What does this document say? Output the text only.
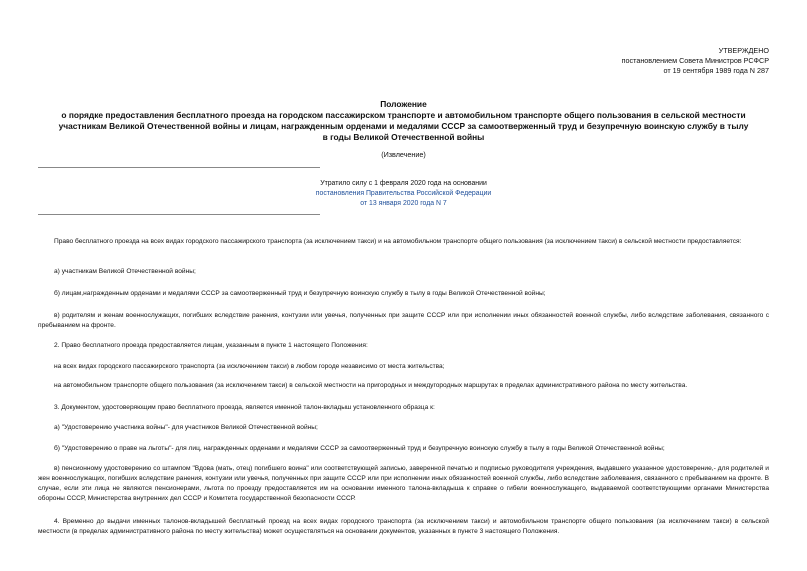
УТВЕРЖДЕНО
постановлением Совета Министров РСФСР
от 19 сентября 1989 года N 287
Положение
о порядке предоставления бесплатного проезда на городском пассажирском транспорте и автомобильном транспорте общего пользования в сельской местности
участникам Великой Отечественной войны и лицам, награжденным орденами и медалями СССР за самоотверженный труд и безупречную воинскую службу в тылу
в годы Великой Отечественной войны
(Извлечение)
Утратило силу с 1 февраля 2020 года на основании
постановления Правительства Российской Федерации
от 13 января 2020 года N 7
Право бесплатного проезда на всех видах городского пассажирского транспорта (за исключением такси) и на автомобильном транспорте общего пользования (за исключением такси) в сельской местности предоставляется:
а) участникам Великой Отечественной войны;
б) лицам,награжденным орденами и медалями СССР за самоотверженный труд и безупречную воинскую службу в тылу в годы Великой Отечественной войны;
в) родителям и женам военнослужащих, погибших вследствие ранения, контузии или увечья, полученных при защите СССР или при исполнении иных обязанностей военной службы, либо вследствие заболевания, связанного с пребыванием на фронте.
2. Право бесплатного проезда предоставляется лицам, указанным в пункте 1 настоящего Положения:
на всех видах городского пассажирского транспорта (за исключением такси) в любом городе независимо от места жительства;
на автомобильном транспорте общего пользования (за исключением такси) в сельской местности на пригородных и междугородных маршрутах в пределах административного района по месту жительства.
3. Документом, удостоверяющим право бесплатного проезда, является именной талон-вкладыш установленного образца к:
а) "Удостоверению участника войны"- для участников Великой Отечественной войны;
б) "Удостоверению о праве на льготы"- для лиц, награжденных орденами и медалями СССР за самоотверженный труд и безупречную воинскую службу в тылу в годы Великой Отечественной войны;
в) пенсионному удостоверению со штампом "Вдова (мать, отец) погибшего воина" или соответствующей записью, заверенной печатью и подписью руководителя учреждения, выдавшего указанное удостоверение,- для родителей и жен военнослужащих, погибших вследствие ранения, контузии или увечья, полученных при защите СССР или при исполнении иных обязанностей военной службы, либо вследствие заболевания, связанного с пребыванием на фронте. В случае, если эти лица не являются пенсионерами, льгота по проезду предоставляется им на основании именного талона-вкладыша к справке о гибели военнослужащего, выдаваемой соответствующими органами Министерства обороны СССР, Министерства внутренних дел СССР и Комитета государственной безопасности СССР.
4. Временно до выдачи именных талонов-вкладышей бесплатный проезд на всех видах городского транспорта (за исключением такси) и автомобильном транспорте общего пользования (за исключением такси) в сельской местности (в пределах административного района по месту жительства) может осуществляться на основании документов, указанных в пункте 3 настоящего Положения.
